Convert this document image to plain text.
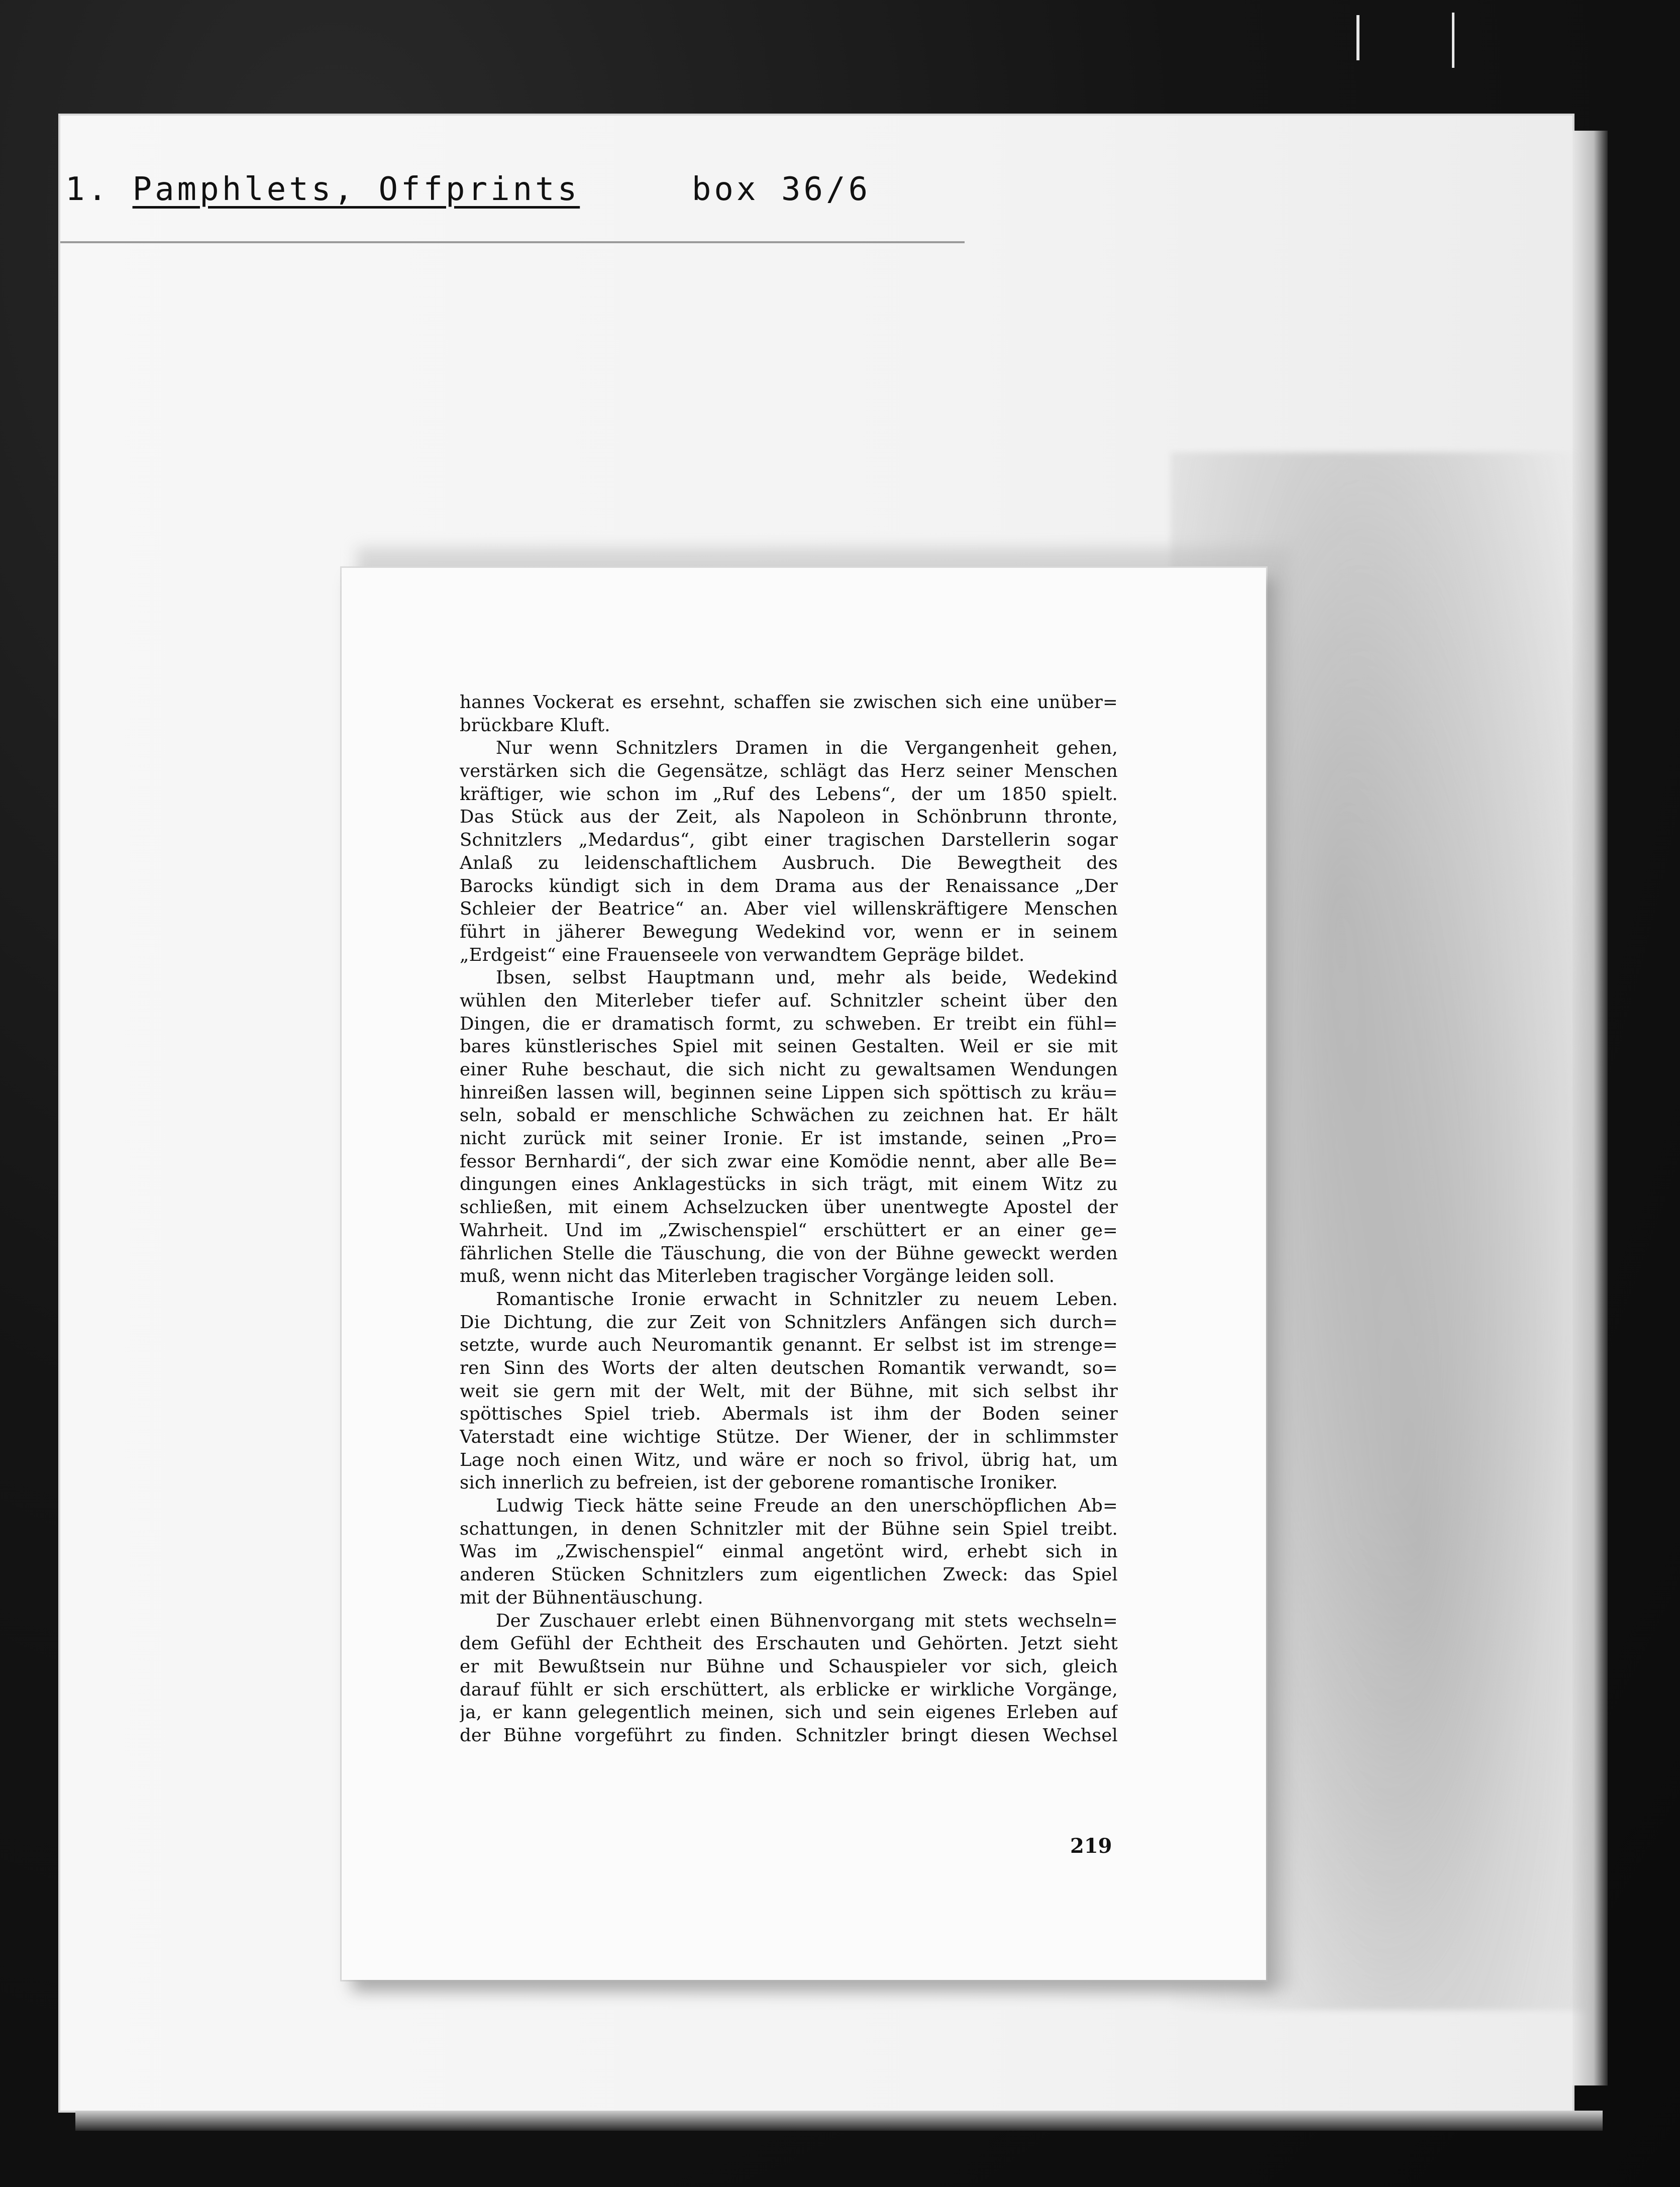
1. Pamphlets, Offprints	box 36/6
hannes Vockerat es ersehnt, schaffen sie zwischen sich eine unüber=
brückbare Kluft.
Nur wenn Schnitzlers Dramen in die Vergangenheit gehen,
verstärken sich die Gegensätze, schlägt das Herz seiner Menschen
kräftiger, wie schon im „Ruf des Lebens“, der um 1850 spielt.
Das Stück aus der Zeit, als Napoleon in Schönbrunn thronte,
Schnitzlers „Medardus“, gibt einer tragischen Darstellerin sogar
Anlaß zu leidenschaftlichem Ausbruch. Die Bewegtheit des
Barocks kündigt sich in dem Drama aus der Renaissance „Der
Schleier der Beatrice“ an. Aber viel willenskräftigere Menschen
führt in jäherer Bewegung Wedekind vor, wenn er in seinem
„Erdgeist“ eine Frauenseele von verwandtem Gepräge bildet.
Ibsen, selbst Hauptmann und, mehr als beide, Wedekind
wühlen den Miterleber tiefer auf. Schnitzler scheint über den
Dingen, die er dramatisch formt, zu schweben. Er treibt ein fühl=
bares künstlerisches Spiel mit seinen Gestalten. Weil er sie mit
einer Ruhe beschaut, die sich nicht zu gewaltsamen Wendungen
hinreißen lassen will, beginnen seine Lippen sich spöttisch zu kräu=
seln, sobald er menschliche Schwächen zu zeichnen hat. Er hält
nicht zurück mit seiner Ironie. Er ist imstande, seinen „Pro=
fessor Bernhardi“, der sich zwar eine Komödie nennt, aber alle Be=
dingungen eines Anklagestücks in sich trägt, mit einem Witz zu
schließen, mit einem Achselzucken über unentwegte Apostel der
Wahrheit. Und im „Zwischenspiel“ erschüttert er an einer ge=
fährlichen Stelle die Täuschung, die von der Bühne geweckt werden
muß, wenn nicht das Miterleben tragischer Vorgänge leiden soll.
Romantische Ironie erwacht in Schnitzler zu neuem Leben.
Die Dichtung, die zur Zeit von Schnitzlers Anfängen sich durch=
setzte, wurde auch Neuromantik genannt. Er selbst ist im strenge=
ren Sinn des Worts der alten deutschen Romantik verwandt, so=
weit sie gern mit der Welt, mit der Bühne, mit sich selbst ihr
spöttisches Spiel trieb. Abermals ist ihm der Boden seiner
Vaterstadt eine wichtige Stütze. Der Wiener, der in schlimmster
Lage noch einen Witz, und wäre er noch so frivol, übrig hat, um
sich innerlich zu befreien, ist der geborene romantische Ironiker.
Ludwig Tieck hätte seine Freude an den unerschöpflichen Ab=
schattungen, in denen Schnitzler mit der Bühne sein Spiel treibt.
Was im „Zwischenspiel“ einmal angetönt wird, erhebt sich in
anderen Stücken Schnitzlers zum eigentlichen Zweck: das Spiel
mit der Bühnentäuschung.
Der Zuschauer erlebt einen Bühnenvorgang mit stets wechseln=
dem Gefühl der Echtheit des Erschauten und Gehörten. Jetzt sieht
er mit Bewußtsein nur Bühne und Schauspieler vor sich, gleich
darauf fühlt er sich erschüttert, als erblicke er wirkliche Vorgänge,
ja, er kann gelegentlich meinen, sich und sein eigenes Erleben auf
der Bühne vorgeführt zu finden. Schnitzler bringt diesen Wechsel
219
